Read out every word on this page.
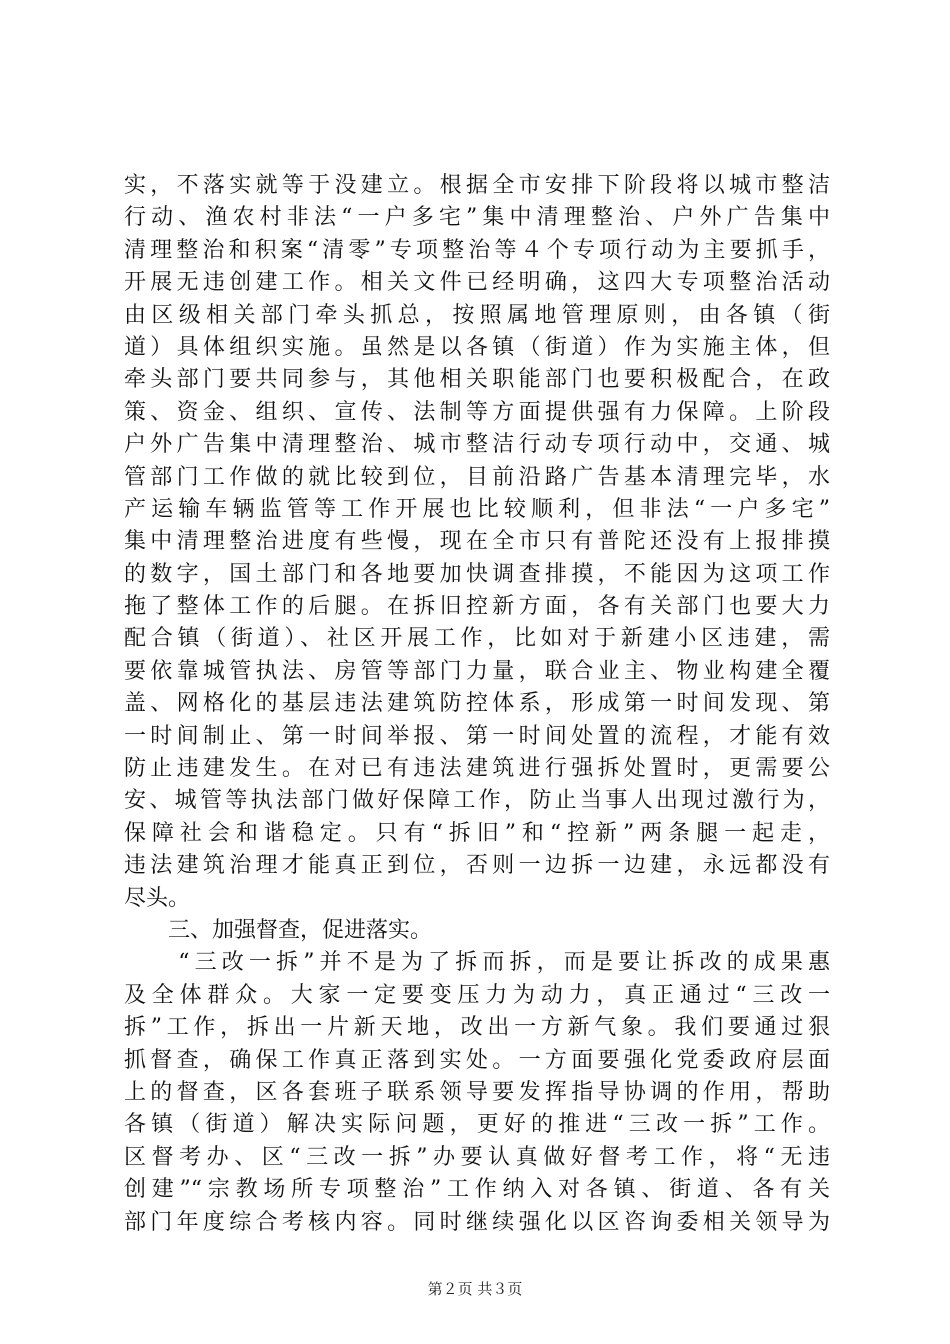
实，不落实就等于没建立。根据全市安排下阶段将以城市整洁
行动、渔农村非法“一户多宅”集中清理整治、户外广告集中
清理整治和积案“清零”专项整治等４个专项行动为主要抓手，
开展无违创建工作。相关文件已经明确，这四大专项整治活动
由区级相关部门牵头抓总，按照属地管理原则，由各镇（街
道）具体组织实施。虽然是以各镇（街道）作为实施主体，但
牵头部门要共同参与，其他相关职能部门也要积极配合，在政
策、资金、组织、宣传、法制等方面提供强有力保障。上阶段
户外广告集中清理整治、城市整洁行动专项行动中，交通、城
管部门工作做的就比较到位，目前沿路广告基本清理完毕，水
产运输车辆监管等工作开展也比较顺利，但非法“一户多宅”
集中清理整治进度有些慢，现在全市只有普陀还没有上报排摸
的数字，国土部门和各地要加快调查排摸，不能因为这项工作
拖了整体工作的后腿。在拆旧控新方面，各有关部门也要大力
配合镇（街道）、社区开展工作，比如对于新建小区违建，需
要依靠城管执法、房管等部门力量，联合业主、物业构建全覆
盖、网格化的基层违法建筑防控体系，形成第一时间发现、第
一时间制止、第一时间举报、第一时间处置的流程，才能有效
防止违建发生。在对已有违法建筑进行强拆处置时，更需要公
安、城管等执法部门做好保障工作，防止当事人出现过激行为，
保障社会和谐稳定。只有“拆旧”和“控新”两条腿一起走，
违法建筑治理才能真正到位，否则一边拆一边建，永远都没有
尽头。
　　三、加强督查，促进落实。
　　“三改一拆”并不是为了拆而拆，而是要让拆改的成果惠
及全体群众。大家一定要变压力为动力，真正通过“三改一
拆”工作，拆出一片新天地，改出一方新气象。我们要通过狠
抓督查，确保工作真正落到实处。一方面要强化党委政府层面
上的督查，区各套班子联系领导要发挥指导协调的作用，帮助
各镇（街道）解决实际问题，更好的推进“三改一拆”工作。
区督考办、区“三改一拆”办要认真做好督考工作，将“无违
创建”“宗教场所专项整治”工作纳入对各镇、街道、各有关
部门年度综合考核内容。同时继续强化以区咨询委相关领导为
第２页 共３页
